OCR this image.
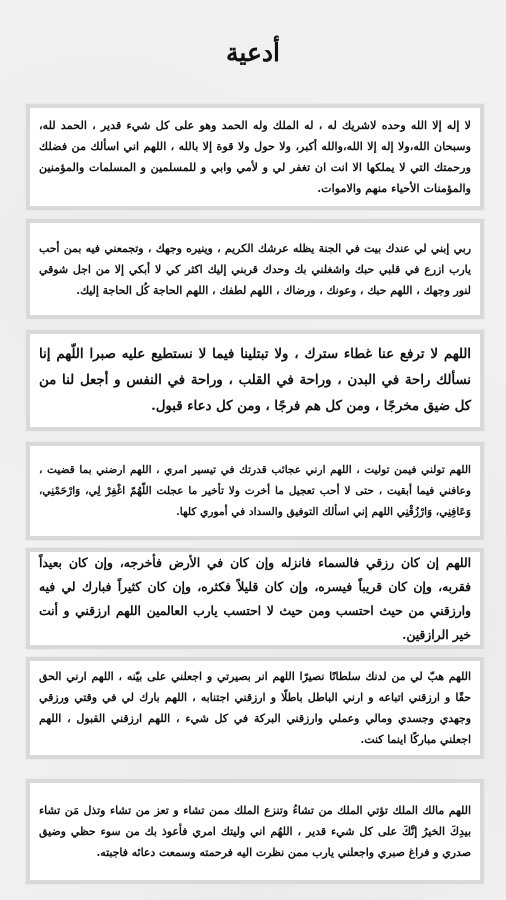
أدعية

لا إله إلا الله وحده لاشريك له ، له الملك وله الحمد وهو على كل شيء قدير ، الحمد لله، وسبحان الله،ولا إله إلا الله،والله أكبر، ولا حول ولا قوة إلا بالله ، اللهم اني اسألك من فضلك ورحمتك التي لا يملكها الا انت ان تغفر لي و لأمي وابي و للمسلمين و المسلمات والمؤمنين والمؤمنات الأحياء منهم والاموات.

ربي إبني لي عندك بيت في الجنة يظله عرشك الكريم ، وينيره وجهك ، وتجمعني فيه بمن أحب يارب ازرع في قلبي حبك واشغلني بك وحدك قربني إليك اكثر كي لا أبكي إلا من اجل شوقي لنور وجهك ، اللهم حبك ، وعونك ، ورضاك ، اللهم لطفك ، اللهم الحاجة كُل الحاجة إليك.

اللهم لا ترفع عنا غطاء سترك ، ولا تبتلينا فيما لا نستطيع عليه صبرا اللّهم إنا نسألك راحة في البدن ، وراحة في القلب ، وراحة في النفس و أجعل لنا من كل ضيق مخرجًا ، ومن كل هم فرجًا ، ومن كل دعاء قبول.

اللهم تولني فيمن توليت ، اللهم ارني عجائب قدرتك في تيسير امري ، اللهم ارضني بما قضيت ، وعافني فيما أبقيت ، حتى لا أحب تعجيل ما أخرت ولا تأخير ما عجلت اللّهُمّ اغْفِرْ لِي، وَارْحَمْنِي، وَعَافِنِي، وَارْزُقْنِي اللهم إني اسألك التوفيق والسداد في أموري كلها.

اللهم إن كان رزقي فالسماء فانزله وإن كان في الأرض فأخرجه، وإن كان بعيداً فقربه، وإن كان قريباً فيسره، وإن كان قليلاً فكثره، وإن كان كثيراً فبارك لي فيه وارزقني من حيث احتسب ومن حيث لا احتسب يارب العالمين اللهم ارزقني و أنت خير الرازقين.

اللهم هبّ لي من لدنك سلطانًا نصيرًا اللهم انر بصيرتي و اجعلني على بيّنه ، اللهم ارني الحق حقًا و ارزقني اتباعه و ارني الباطل باطلًا و ارزقني اجتنابه ، اللهم بارك لي في وقتي ورزقي وجهدي وجسدي ومالي وعملي وارزقني البركة في كل شيء ، اللهم ارزقني القبول ، اللهم اجعلني مباركًا اينما كنت.

اللهم مالك الملك تؤتي الملك من تشاءُ وتنزع الملك ممن تشاء و تعز من تشاء وتذل مَن تشاء بيدِكَ الخيرُ إنَّكَ على كل شيء قدير ، اللهُم اني وليتك امري فأعوذ بك من سوء حظي وضيق صدري و فراغ صبري واجعلني يارب ممن نظرت اليه فرحمته وسمعت دعائه فاجبته.
